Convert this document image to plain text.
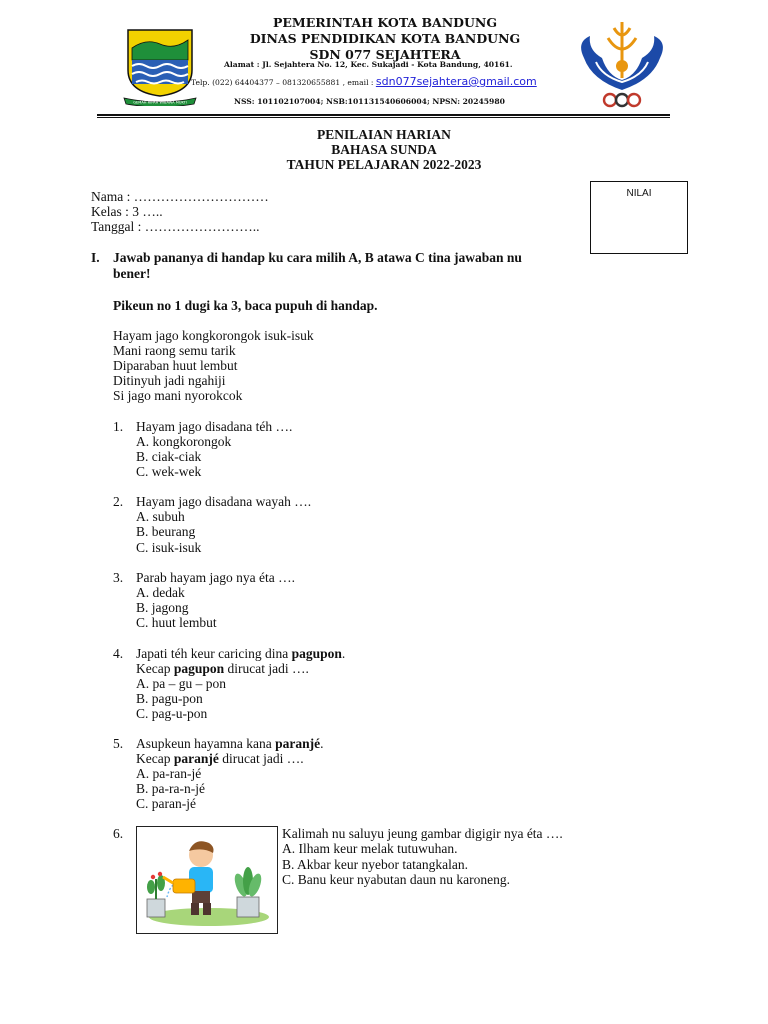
GEMAH RIPAH WIBAWA MUKTI
PEMERINTAH KOTA BANDUNG
DINAS PENDIDIKAN KOTA BANDUNG
SDN 077 SEJAHTERA
Alamat : Jl. Sejahtera No. 12, Kec. Sukajadi - Kota Bandung, 40161.
Telp. (022) 64404377 – 081320655881 , email : sdn077sejahtera@gmail.com
NSS: 101102107004; NSB:101131540606004; NPSN: 20245980
PENILAIAN HARIAN
BAHASA SUNDA
TAHUN PELAJARAN 2022-2023
Nama : …………………………
Kelas : 3 …..
Tanggal : ……………………..
NILAI
I. Jawab pananya di handap ku cara milih A, B atawa C tina jawaban nu
bener!
Pikeun no 1 dugi ka 3, baca pupuh di handap.
Hayam jago kongkorongok isuk-isuk
Mani raong semu tarik
Diparaban huut lembut
Ditinyuh jadi ngahiji
Si jago mani nyorokcok
1. Hayam jago disadana téh ….
A. kongkorongok
B. ciak-ciak
C. wek-wek
2. Hayam jago disadana wayah ….
A. subuh
B. beurang
C. isuk-isuk
3. Parab hayam jago nya éta ….
A. dedak
B. jagong
C. huut lembut
4. Japati téh keur caricing dina pagupon.
Kecap pagupon dirucat jadi ….
A. pa – gu – pon
B. pagu-pon
C. pag-u-pon
5. Asupkeun hayamna kana paranjé.
Kecap paranjé dirucat jadi ….
A. pa-ran-jé
B. pa-ra-n-jé
C. paran-jé
6.	Kalimah nu saluyu jeung gambar digigir nya éta ….
A. Ilham keur melak tutuwuhan.
B. Akbar keur nyebor tatangkalan.
C. Banu keur nyabutan daun nu karoneng.
